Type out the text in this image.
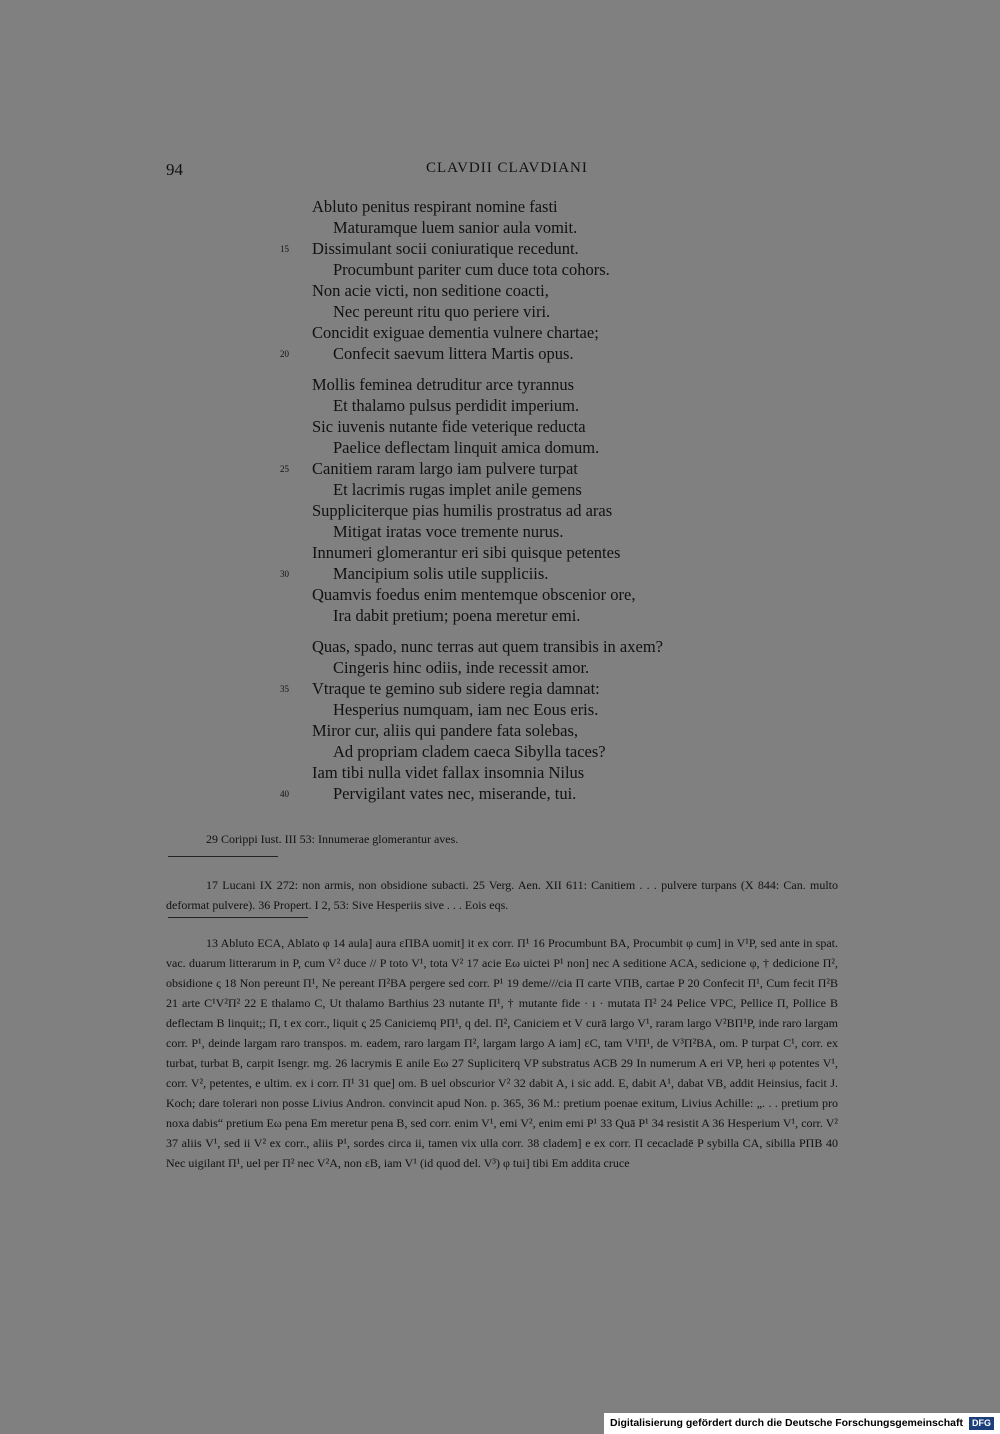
94	CLAVDII CLAVDIANI
Abluto penitus respirant nomine fasti
Maturamque luem sanior aula vomit.
15 Dissimulant socii coniuratique recedunt.
Procumbunt pariter cum duce tota cohors.
Non acie victi, non seditione coacti,
Nec pereunt ritu quo periere viri.
Concidit exiguae dementia vulnere chartae;
20	Confecit saevum littera Martis opus.
Mollis feminea detruditur arce tyrannus
Et thalamo pulsus perdidit imperium.
Sic iuvenis nutante fide veterique reducta
Paelice deflectam linquit amica domum.
25 Canitiem raram largo iam pulvere turpat
Et lacrimis rugas implet anile gemens
Suppliciterque pias humilis prostratus ad aras
Mitigat iratas voce tremente nurus.
Innumeri glomerantur eri sibi quisque petentes
30	Mancipium solis utile suppliciis.
Quamvis foedus enim mentemque obscenior ore,
Ira dabit pretium; poena meretur emi.
Quas, spado, nunc terras aut quem transibis in axem?
Cingeris hinc odiis, inde recessit amor.
35 Vtraque te gemino sub sidere regia damnat:
Hesperius numquam, iam nec Eous eris.
Miror cur, aliis qui pandere fata solebas,
Ad propriam cladem caeca Sibylla taces?
Iam tibi nulla videt fallax insomnia Nilus
40	Pervigilant vates nec, miserande, tui.
29 Corippi Iust. III 53: Innumerae glomerantur aves.

17 Lucani IX 272: non armis, non obsidione subacti. 25 Verg. Aen. XII 611: Canitiem . . . pulvere turpans (X 844: Can. multo deformat pulvere). 36 Propert. I 2, 53: Sive Hesperiis sive . . . Eois eqs.

13 Abluto ECA, Ablato φ 14 aula] aura εΠBA uomit] it ex corr. Π¹ 16 Procumbunt BA, Procumbit φ cum] in V¹P, sed ante in spat. vac. duarum litterarum in P, cum V² duce // P toto V¹, tota V² 17 acie Eω uictei P¹ non] nec A seditione ACA, sedicione φ, † dedicione Π², obsidione ς 18 Non pereunt Π¹, Ne pereant Π²BA pergere sed corr. P¹ 19 deme///cia Π carte VΠB, cartae P 20 Confecit Π¹, Cum fecit Π²B 21 arte C¹V²Π² 22 E thalamo C, Ut thalamo Barthius 23 nutante Π¹, † mutante fide · ı · mutata Π² 24 Pelice VPC, Pellice Π, Pollice B deflectam B linquit;; Π, t ex corr., liquit ς 25 Caniciemq PΠ¹, q del. Π², Caniciem et V curā largo V¹, raram largo V²BΠ¹P, inde raro largam corr. P¹, deinde largam raro transpos. m. eadem, raro largam Π², largam largo A iam] εC, tam V¹Π¹, de V³Π²BA, om. P turpat C¹, corr. ex turbat, turbat B, carpit Isengr. mg. 26 lacrymis E anile Eω 27 Supliciterq VP substratus ACB 29 In numerum A eri VP, heri φ potentes V¹, corr. V², petentes, e ultim. ex i corr. Π¹ 31 que] om. B uel obscurior V² 32 dabit A, i sic add. E, dabit A¹, dabat VB, addit Heinsius, facit J. Koch; dare tolerari non posse Livius Andron. convincit apud Non. p. 365, 36 M.: pretium poenae exitum, Livius Achille: „. . . pretium pro noxa dabis“ pretium Eω pena Em meretur pena B, sed corr. enim V¹, emi V², enim emi P¹ 33 Quā P¹ 34 resistit A 36 Hesperium V¹, corr. V² 37 aliis V¹, sed ii V² ex corr., aliis P¹, sordes circa ii, tamen vix ulla corr. 38 cladem] e ex corr. Π cecacladē P sybilla CA, sibilla PΠB 40 Nec uigilant Π¹, uel per Π² nec V²A, non εB, iam V¹ (id quod del. V³) φ tui] tibi Em addita cruce

Digitalisierung gefördert durch die Deutsche Forschungsgemeinschaft	DFG
